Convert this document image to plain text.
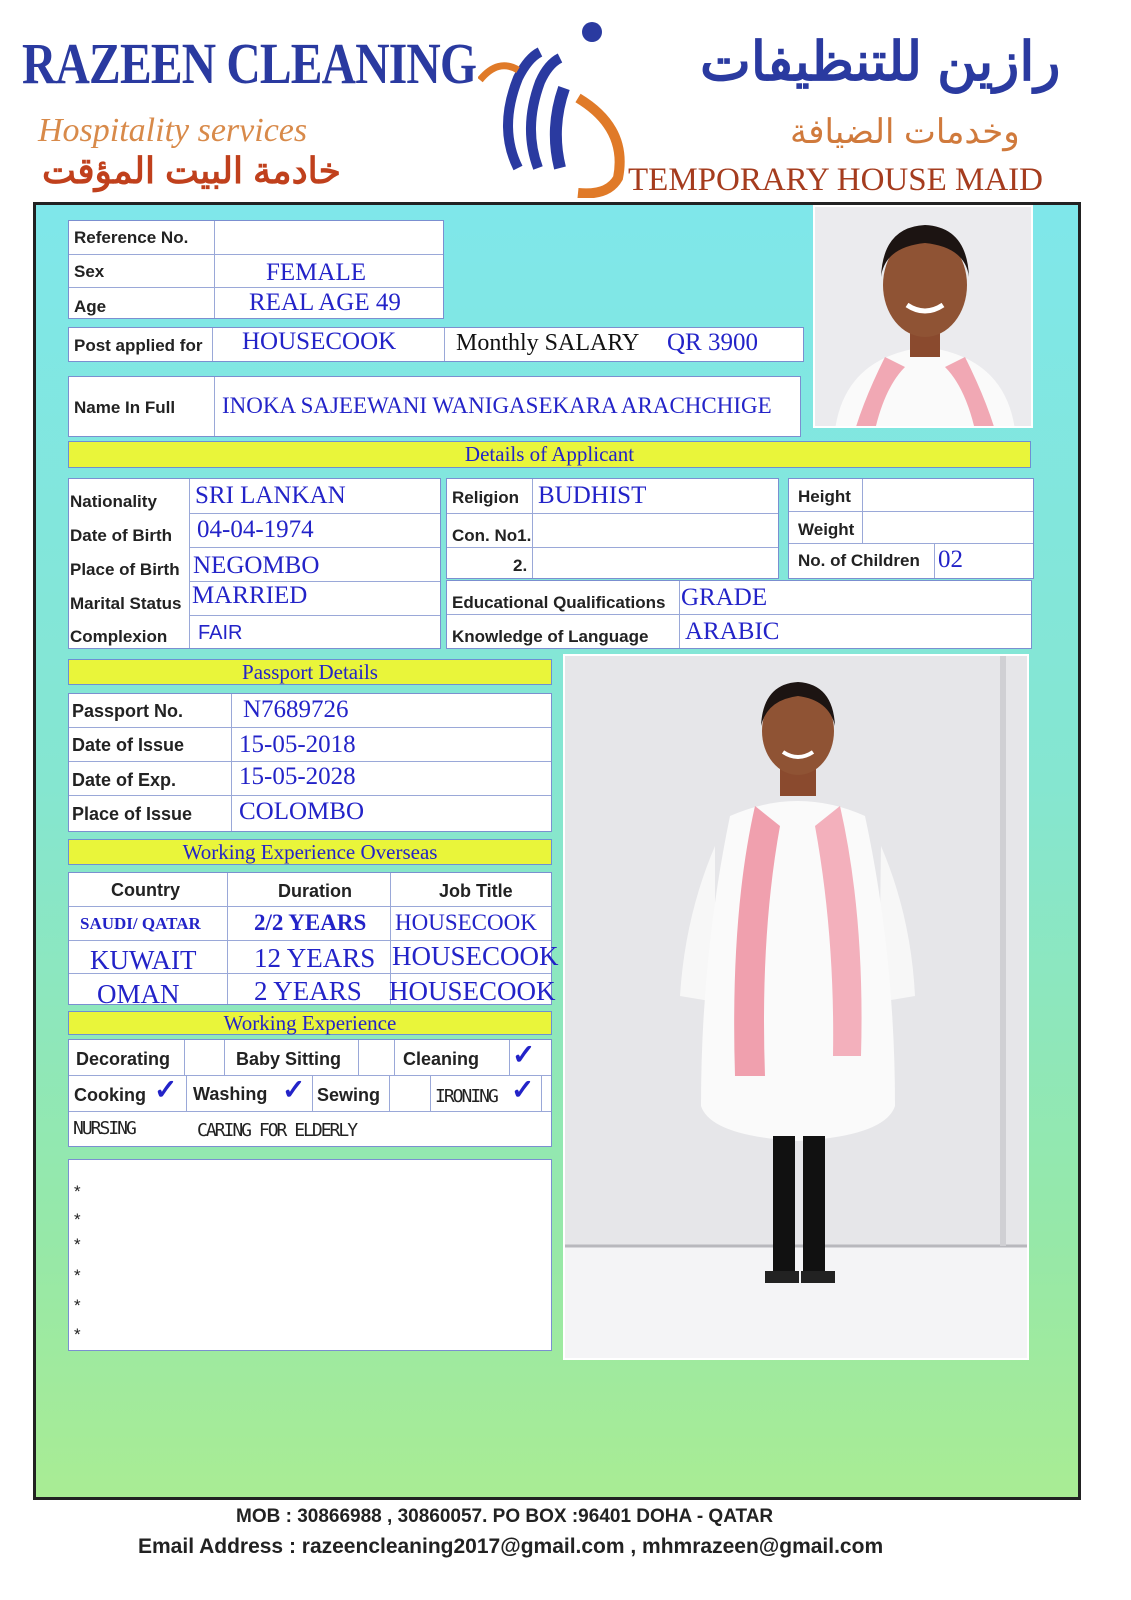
RAZEEN CLEANING
Hospitality services
خادمة البيت المؤقت
رازين للتنظيفات
وخدمات الضيافة
TEMPORARY HOUSE MAID
Reference No.
Sex	FEMALE
Age	REAL AGE 49
Post applied for HOUSECOOK Monthly SALARY QR 3900
Name In Full INOKA SAJEEWANI WANIGASEKARA ARACHCHIGE
Details of Applicant
Nationality SRI LANKAN
Date of Birth 04-04-1974
Place of Birth NEGOMBO
Marital Status MARRIED
Complexion FAIR
Religion BUDHIST
Con. No1.
2.
Height
Weight
No. of Children 02
Educational Qualifications GRADE
Knowledge of Language ARABIC
Passport Details
Passport No. N7689726
Date of Issue 15-05-2018
Date of Exp.	15-05-2028
Place of Issue COLOMBO
Working Experience Overseas
Country	Duration	Job Title
SAUDI/ QATAR 2/2 YEARS HOUSECOOK
KUWAIT 12 YEARS HOUSECOOK
OMAN	2 YEARS HOUSECOOK
Working Experience
Decorating	Baby Sitting	Cleaning ✓
Cooking ✓ Washing ✓ Sewing	IRONING ✓
NURSING	CARING FOR ELDERLY
*
*
*
*
*
*
MOB : 30866988 , 30860057. PO BOX :96401 DOHA - QATAR
Email Address : razeencleaning2017@gmail.com , mhmrazeen@gmail.com
